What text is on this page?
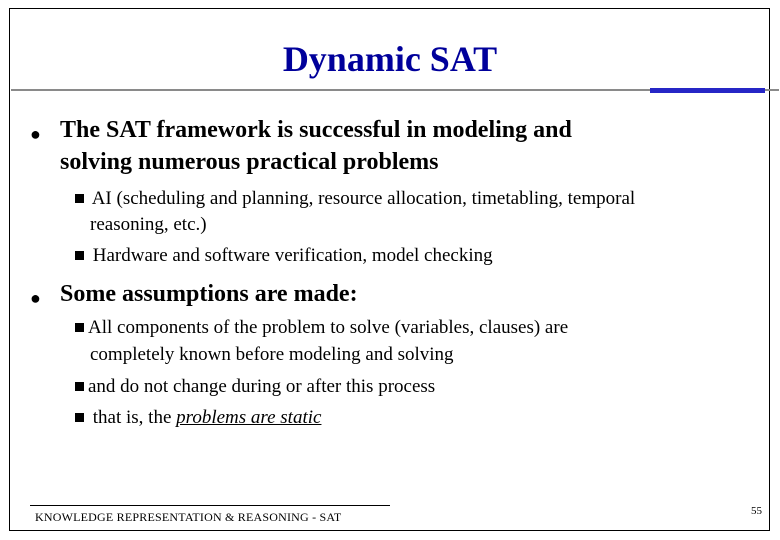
Dynamic SAT
● The SAT framework is successful in modeling and
solving numerous practical problems
AI (scheduling and planning, resource allocation, timetabling, temporal
reasoning, etc.)
Hardware and software verification, model checking
● Some assumptions are made:
All components of the problem to solve (variables, clauses) are
completely known before modeling and solving
and do not change during or after this process
that is, the problems are static
KNOWLEDGE REPRESENTATION & REASONING - SAT	55
